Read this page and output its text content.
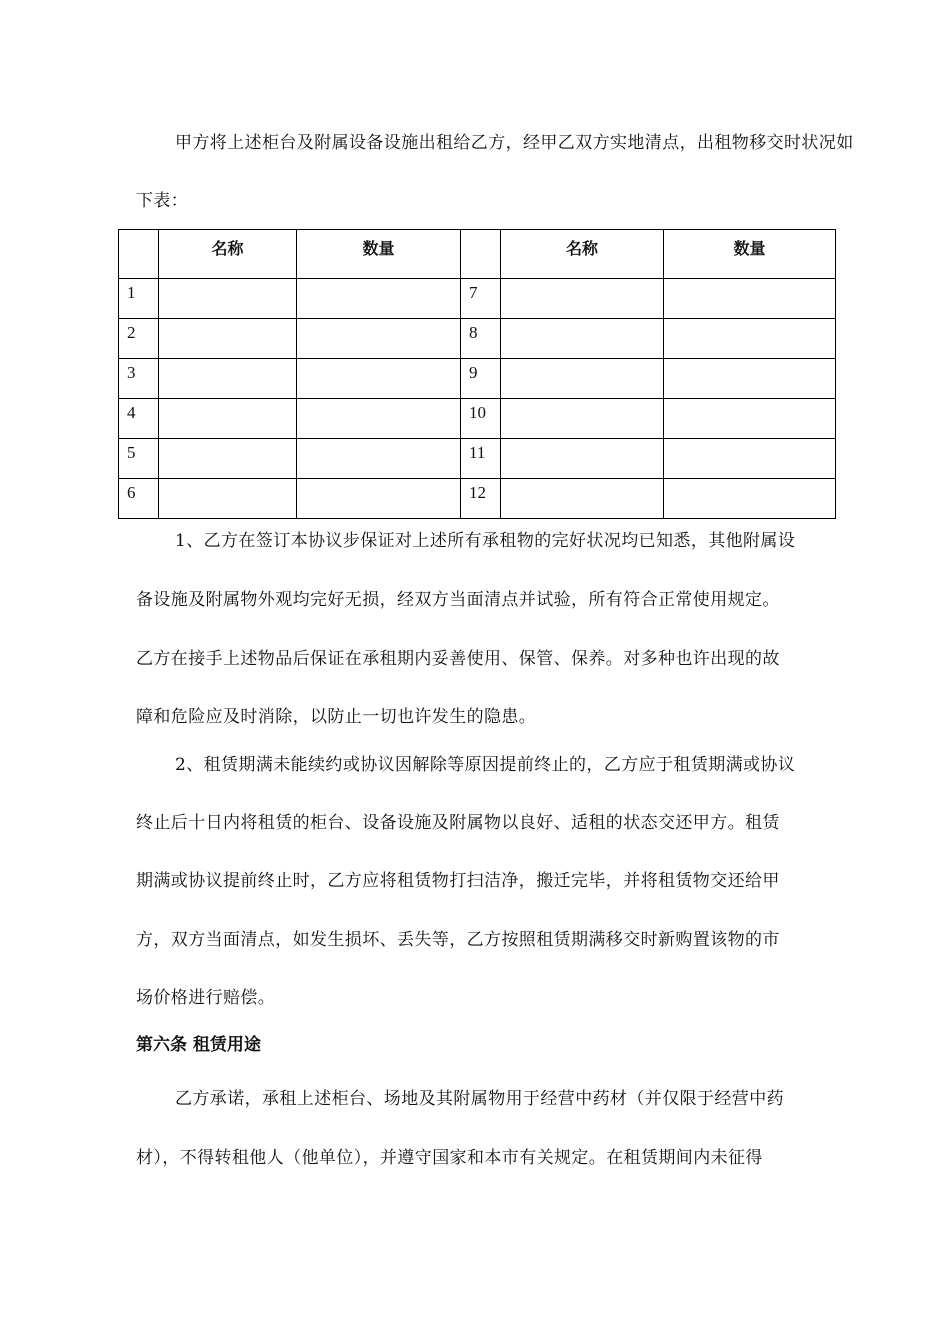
甲方将上述柜台及附属设备设施出租给乙方，经甲乙双方实地清点，出租物移交时状况如
下表：
	名称	数量		名称	数量
1			7		
2			8		
3			9		
4			10		
5			11		
6			12		
1、乙方在签订本协议步保证对上述所有承租物的完好状况均已知悉，其他附属设
备设施及附属物外观均完好无损，经双方当面清点并试验，所有符合正常使用规定。
乙方在接手上述物品后保证在承租期内妥善使用、保管、保养。对多种也许出现的故
障和危险应及时消除，以防止一切也许发生的隐患。
2、租赁期满未能续约或协议因解除等原因提前终止的，乙方应于租赁期满或协议
终止后十日内将租赁的柜台、设备设施及附属物以良好、适租的状态交还甲方。租赁
期满或协议提前终止时，乙方应将租赁物打扫洁净，搬迁完毕，并将租赁物交还给甲
方，双方当面清点，如发生损坏、丢失等，乙方按照租赁期满移交时新购置该物的市
场价格进行赔偿。
第六条 租赁用途
乙方承诺，承租上述柜台、场地及其附属物用于经营中药材（并仅限于经营中药
材），不得转租他人（他单位），并遵守国家和本市有关规定。在租赁期间内未征得
